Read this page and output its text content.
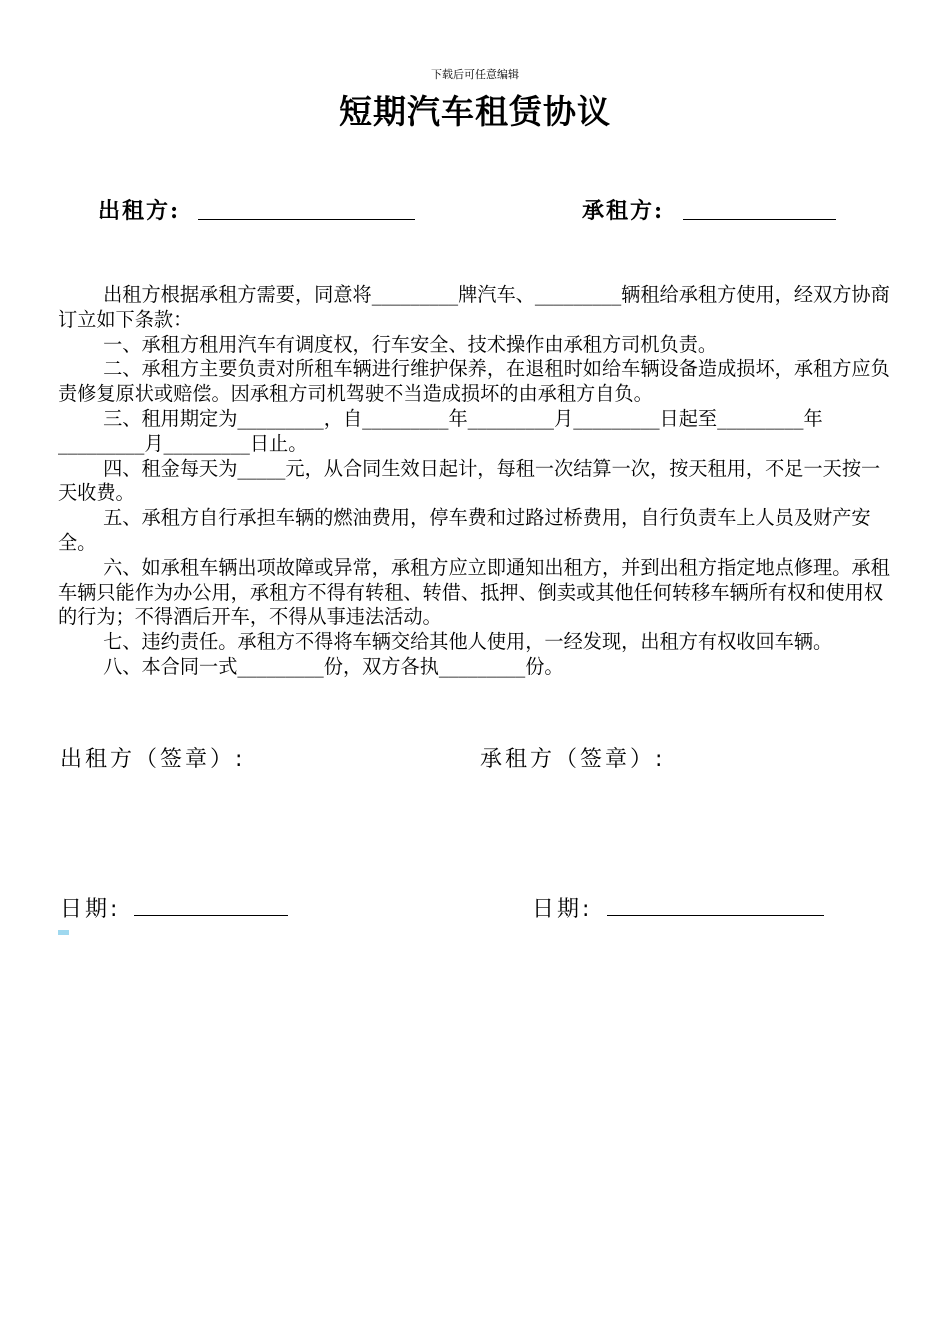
下载后可任意编辑
短期汽车租赁协议
出租方:	承租方:

出租方根据承租方需要，同意将_________牌汽车、_________辆租给承租方使用，经双方协商订立如下条款：

一、承租方租用汽车有调度权，行车安全、技术操作由承租方司机负责。

二、承租方主要负责对所租车辆进行维护保养，在退租时如给车辆设备造成损坏，承租方应负责修复原状或赔偿。因承租方司机驾驶不当造成损坏的由承租方自负。

三、租用期定为_________，自_________年_________月_________日起至_________年_________月_________日止。

四、租金每天为_____元，从合同生效日起计，每租一次结算一次，按天租用，不足一天按一天收费。

五、承租方自行承担车辆的燃油费用，停车费和过路过桥费用，自行负责车上人员及财产安全。

六、如承租车辆出项故障或异常，承租方应立即通知出租方，并到出租方指定地点修理。承租车辆只能作为办公用，承租方不得有转租、转借、抵押、倒卖或其他任何转移车辆所有权和使用权的行为；不得酒后开车，不得从事违法活动。

七、违约责任。承租方不得将车辆交给其他人使用，一经发现，出租方有权收回车辆。

八、本合同一式_________份，双方各执_________份。

出租方（签章）:	承租方（签章）:
日期:	日期:
